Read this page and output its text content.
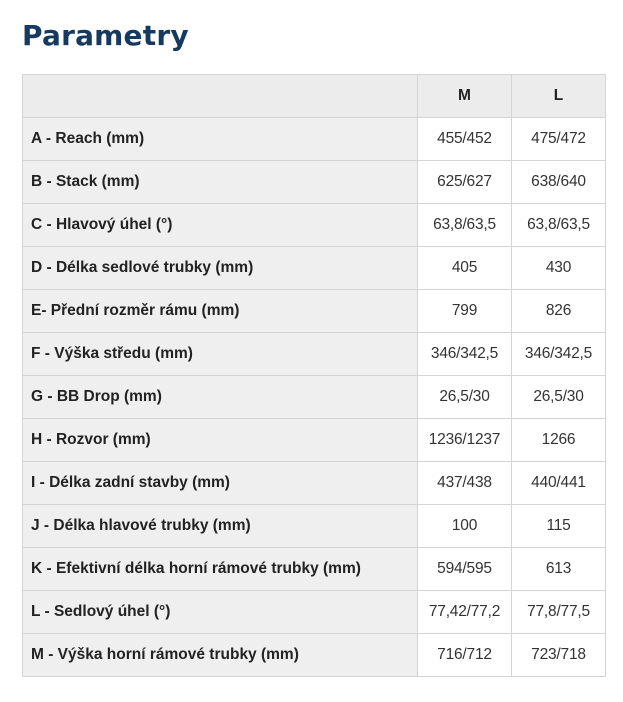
Parametry
	M	L
A - Reach (mm)	455/452	475/472
B - Stack (mm)	625/627	638/640
C - Hlavový úhel (°)	63,8/63,5	63,8/63,5
D - Délka sedlové trubky (mm)	405	430
E- Přední rozměr rámu (mm)	799	826
F - Výška středu (mm)	346/342,5	346/342,5
G - BB Drop (mm)	26,5/30	26,5/30
H - Rozvor (mm)	1236/1237	1266
I - Délka zadní stavby (mm)	437/438	440/441
J - Délka hlavové trubky (mm)	100	115
K - Efektivní délka horní rámové trubky (mm)	594/595	613
L - Sedlový úhel (°)	77,42/77,2	77,8/77,5
M - Výška horní rámové trubky (mm)	716/712	723/718
